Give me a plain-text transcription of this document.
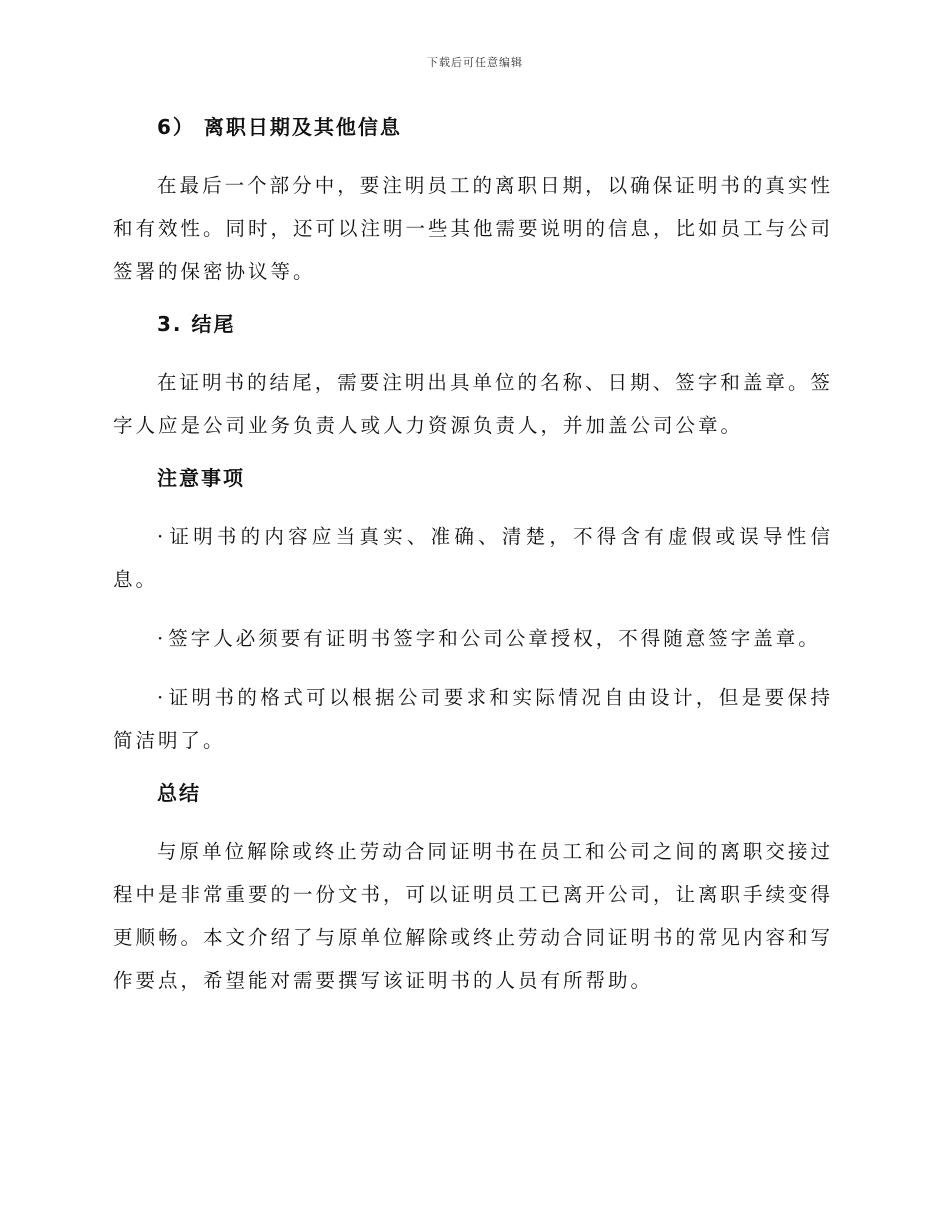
下载后可任意编辑
6） 离职日期及其他信息

在最后一个部分中，要注明员工的离职日期，以确保证明书的真实性和有效性。同时，还可以注明一些其他需要说明的信息，比如员工与公司签署的保密协议等。

3. 结尾

在证明书的结尾，需要注明出具单位的名称、日期、签字和盖章。签字人应是公司业务负责人或人力资源负责人，并加盖公司公章。

注意事项

· 证明书的内容应当真实、准确、清楚，不得含有虚假或误导性信息。

· 签字人必须要有证明书签字和公司公章授权，不得随意签字盖章。

· 证明书的格式可以根据公司要求和实际情况自由设计，但是要保持简洁明了。

总结

与原单位解除或终止劳动合同证明书在员工和公司之间的离职交接过程中是非常重要的一份文书，可以证明员工已离开公司，让离职手续变得更顺畅。本文介绍了与原单位解除或终止劳动合同证明书的常见内容和写作要点，希望能对需要撰写该证明书的人员有所帮助。
